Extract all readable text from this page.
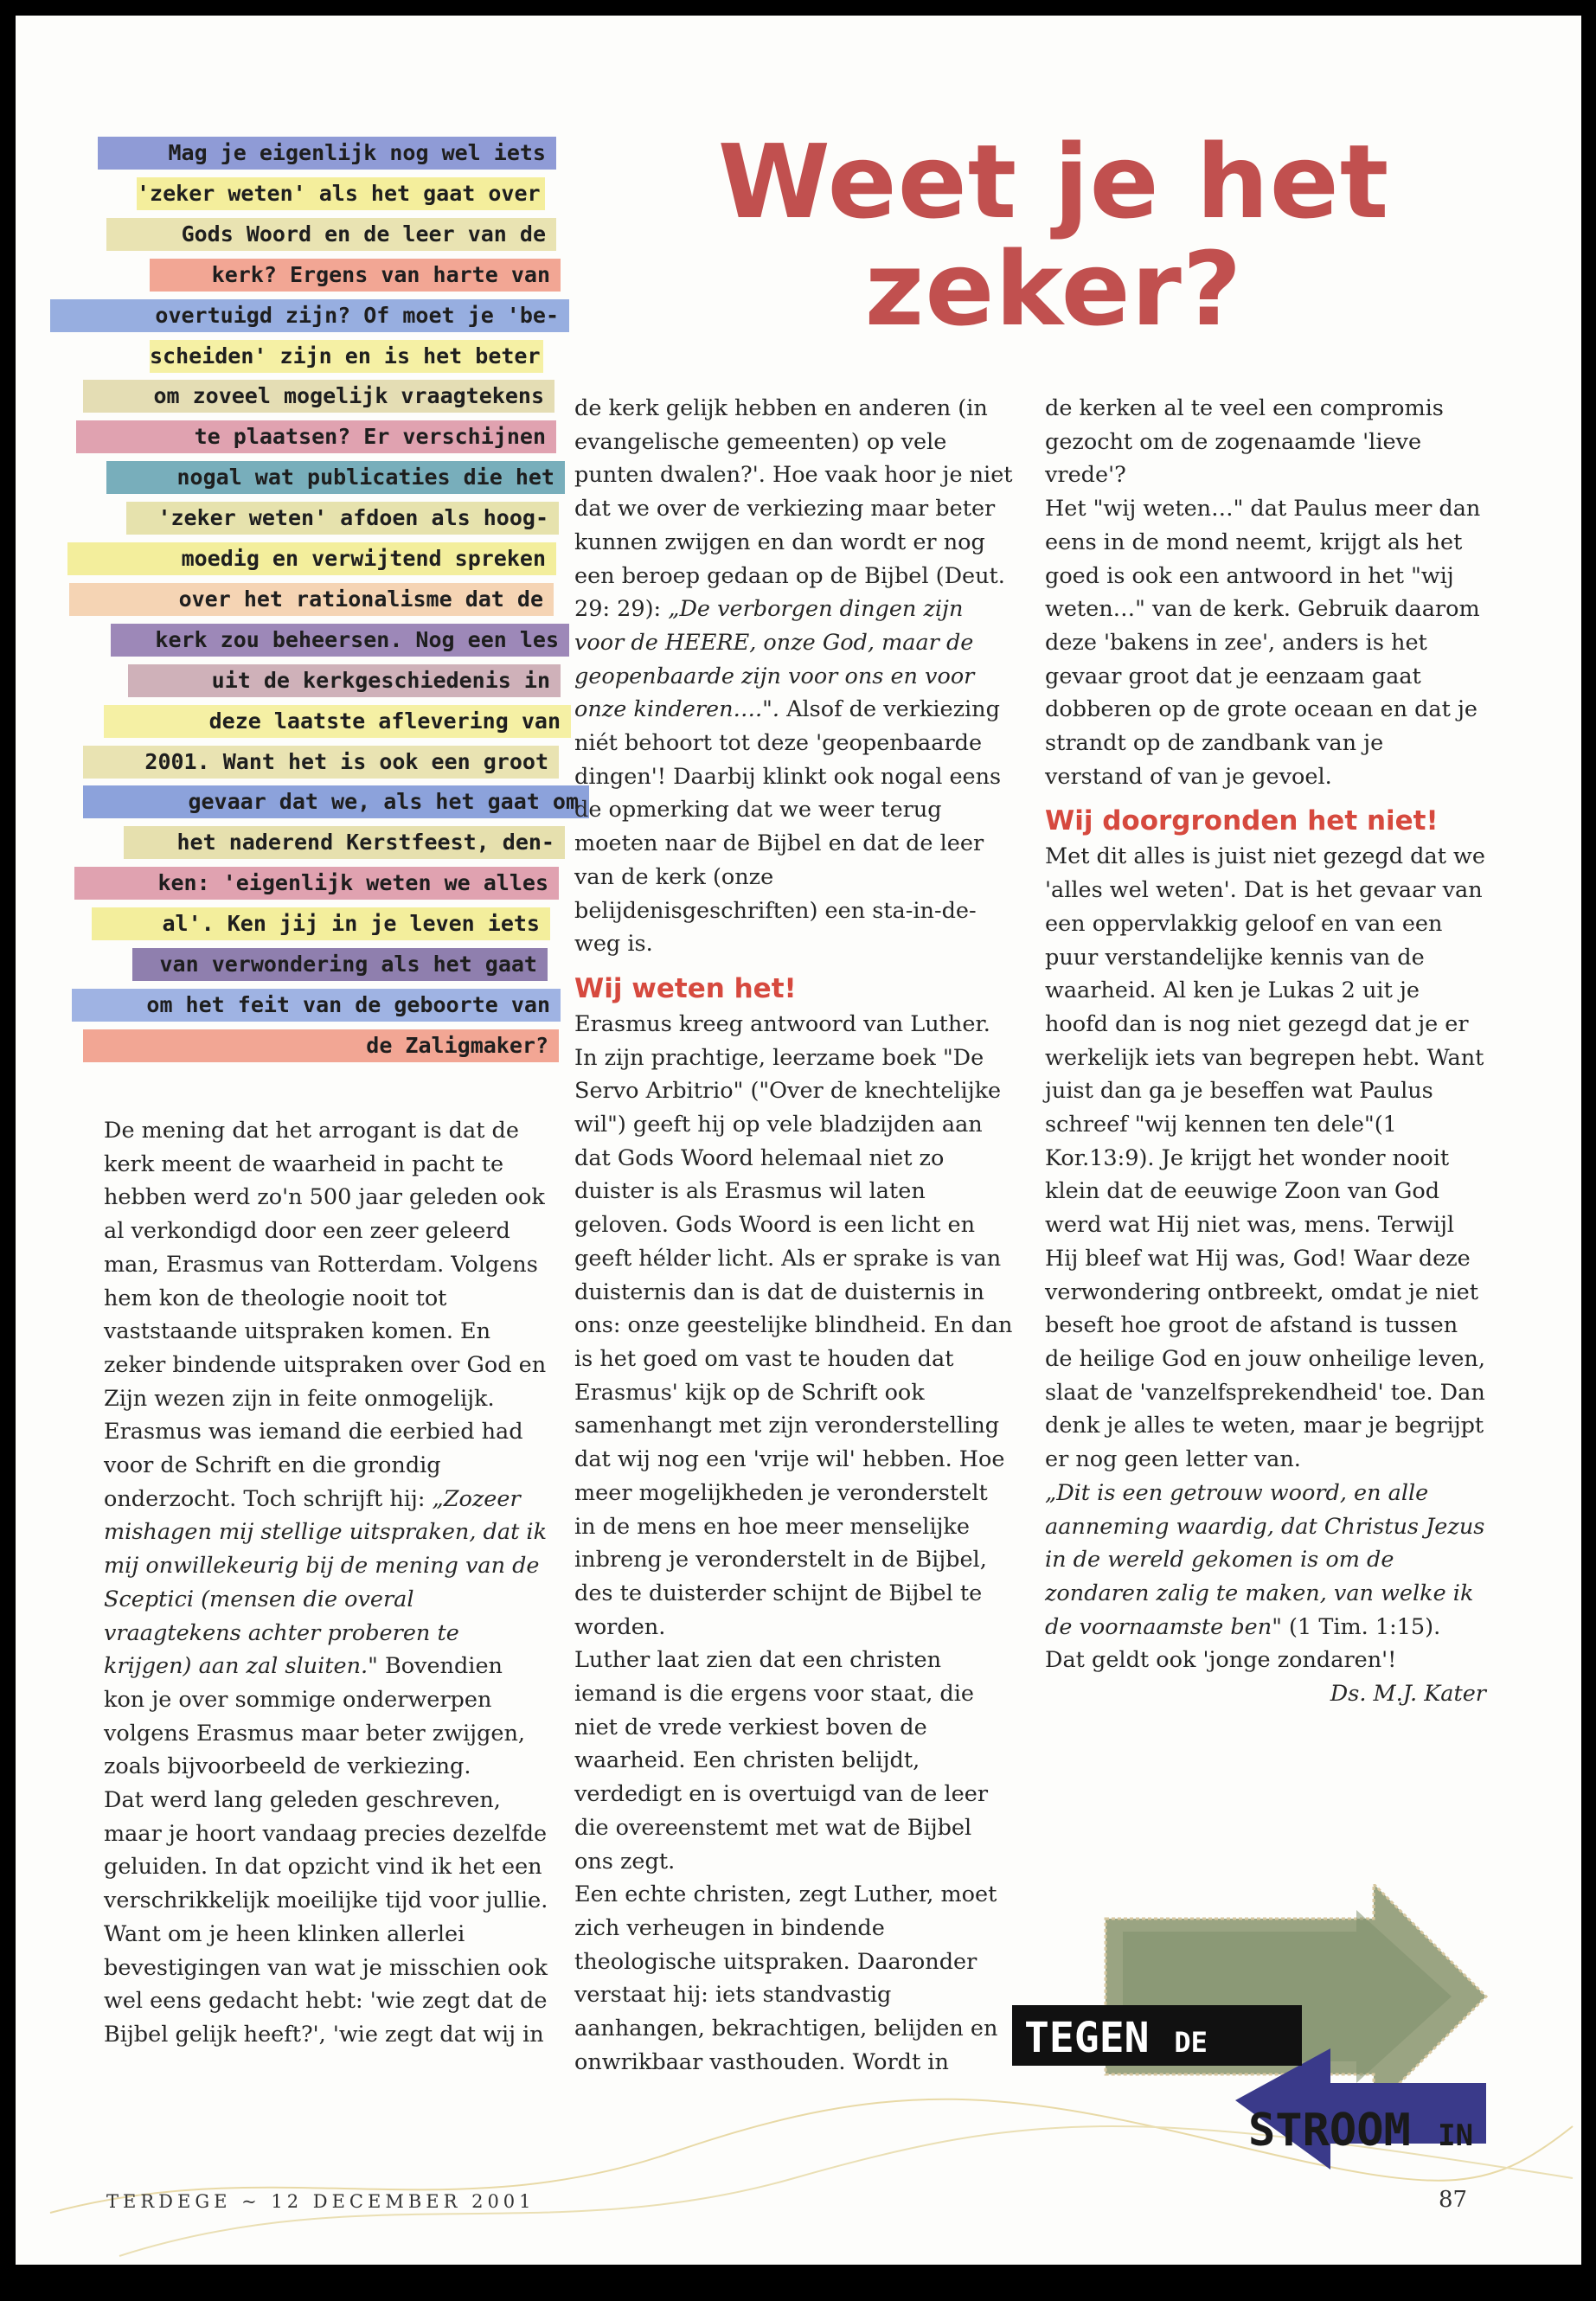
Weet je het zeker?
Mag je eigenlijk nog wel iets
'zeker weten' als het gaat over
Gods Woord en de leer van de
kerk? Ergens van harte van
overtuigd zijn? Of moet je 'be-
scheiden' zijn en is het beter
om zoveel mogelijk vraagtekens
te plaatsen? Er verschijnen
nogal wat publicaties die het
'zeker weten' afdoen als hoog-
moedig en verwijtend spreken
over het rationalisme dat de
kerk zou beheersen. Nog een les
uit de kerkgeschiedenis in
deze laatste aflevering van
2001. Want het is ook een groot
gevaar dat we, als het gaat om
het naderend Kerstfeest, den-
ken: 'eigenlijk weten we alles
al'. Ken jij in je leven iets
van verwondering als het gaat
om het feit van de geboorte van
de Zaligmaker?

De mening dat het arrogant is dat de kerk meent de waarheid in pacht te hebben werd zo'n 500 jaar geleden ook al verkondigd door een zeer geleerd man, Erasmus van Rotterdam. Volgens hem kon de theologie nooit tot vaststaande uitspraken komen. En zeker bindende uitspraken over God en Zijn wezen zijn in feite onmogelijk. Erasmus was iemand die eerbied had voor de Schrift en die grondig onderzocht. Toch schrijft hij: „Zozeer mishagen mij stellige uitspraken, dat ik mij onwillekeurig bij de mening van de Sceptici (mensen die overal vraagtekens achter proberen te krijgen) aan zal sluiten." Bovendien kon je over sommige onderwerpen volgens Erasmus maar beter zwijgen, zoals bijvoorbeeld de verkiezing.

Dat werd lang geleden geschreven, maar je hoort vandaag precies dezelfde geluiden. In dat opzicht vind ik het een verschrikkelijk moeilijke tijd voor jullie. Want om je heen klinken allerlei bevestigingen van wat je misschien ook wel eens gedacht hebt: 'wie zegt dat de Bijbel gelijk heeft?', 'wie zegt dat wij in

de kerk gelijk hebben en anderen (in evangelische gemeenten) op vele punten dwalen?'. Hoe vaak hoor je niet dat we over de verkiezing maar beter kunnen zwijgen en dan wordt er nog een beroep gedaan op de Bijbel (Deut. 29: 29): „De verborgen dingen zijn voor de HEERE, onze God, maar de geopenbaarde zijn voor ons en voor onze kinderen….". Alsof de verkiezing niét behoort tot deze 'geopenbaarde dingen'! Daarbij klinkt ook nogal eens de opmerking dat we weer terug moeten naar de Bijbel en dat de leer van de kerk (onze belijdenisgeschriften) een sta-in-de-weg is.

Wij weten het!

Erasmus kreeg antwoord van Luther. In zijn prachtige, leerzame boek "De Servo Arbitrio" ("Over de knechtelijke wil") geeft hij op vele bladzijden aan dat Gods Woord helemaal niet zo duister is als Erasmus wil laten geloven. Gods Woord is een licht en geeft hélder licht. Als er sprake is van duisternis dan is dat de duisternis in ons: onze geestelijke blindheid. En dan is het goed om vast te houden dat Erasmus' kijk op de Schrift ook samenhangt met zijn veronderstelling dat wij nog een 'vrije wil' hebben. Hoe meer mogelijkheden je veronderstelt in de mens en hoe meer menselijke inbreng je veronderstelt in de Bijbel, des te duisterder schijnt de Bijbel te worden.

Luther laat zien dat een christen iemand is die ergens voor staat, die niet de vrede verkiest boven de waarheid. Een christen belijdt, verdedigt en is overtuigd van de leer die overeenstemt met wat de Bijbel ons zegt.

Een echte christen, zegt Luther, moet zich verheugen in bindende theologische uitspraken. Daaronder verstaat hij: iets standvastig aanhangen, bekrachtigen, belijden en onwrikbaar vasthouden. Wordt in

de kerken al te veel een compromis gezocht om de zogenaamde 'lieve vrede'?

Het "wij weten…" dat Paulus meer dan eens in de mond neemt, krijgt als het goed is ook een antwoord in het "wij weten…" van de kerk. Gebruik daarom deze 'bakens in zee', anders is het gevaar groot dat je eenzaam gaat dobberen op de grote oceaan en dat je strandt op de zandbank van je verstand of van je gevoel.

Wij doorgronden het niet!

Met dit alles is juist niet gezegd dat we 'alles wel weten'. Dat is het gevaar van een oppervlakkig geloof en van een puur verstandelijke kennis van de waarheid. Al ken je Lukas 2 uit je hoofd dan is nog niet gezegd dat je er werkelijk iets van begrepen hebt. Want juist dan ga je beseffen wat Paulus schreef "wij kennen ten dele"(1 Kor.13:9). Je krijgt het wonder nooit klein dat de eeuwige Zoon van God werd wat Hij niet was, mens. Terwijl Hij bleef wat Hij was, God! Waar deze verwondering ontbreekt, omdat je niet beseft hoe groot de afstand is tussen de heilige God en jouw onheilige leven, slaat de 'vanzelfsprekendheid' toe. Dan denk je alles te weten, maar je begrijpt er nog geen letter van.

„Dit is een getrouw woord, en alle aanneming waardig, dat Christus Jezus in de wereld gekomen is om de zondaren zalig te maken, van welke ik de voornaamste ben" (1 Tim. 1:15). Dat geldt ook 'jonge zondaren'!

Ds. M.J. Kater

TEGEN DE
STROOM IN
TERDEGE ~ 12 DECEMBER 2001	87
